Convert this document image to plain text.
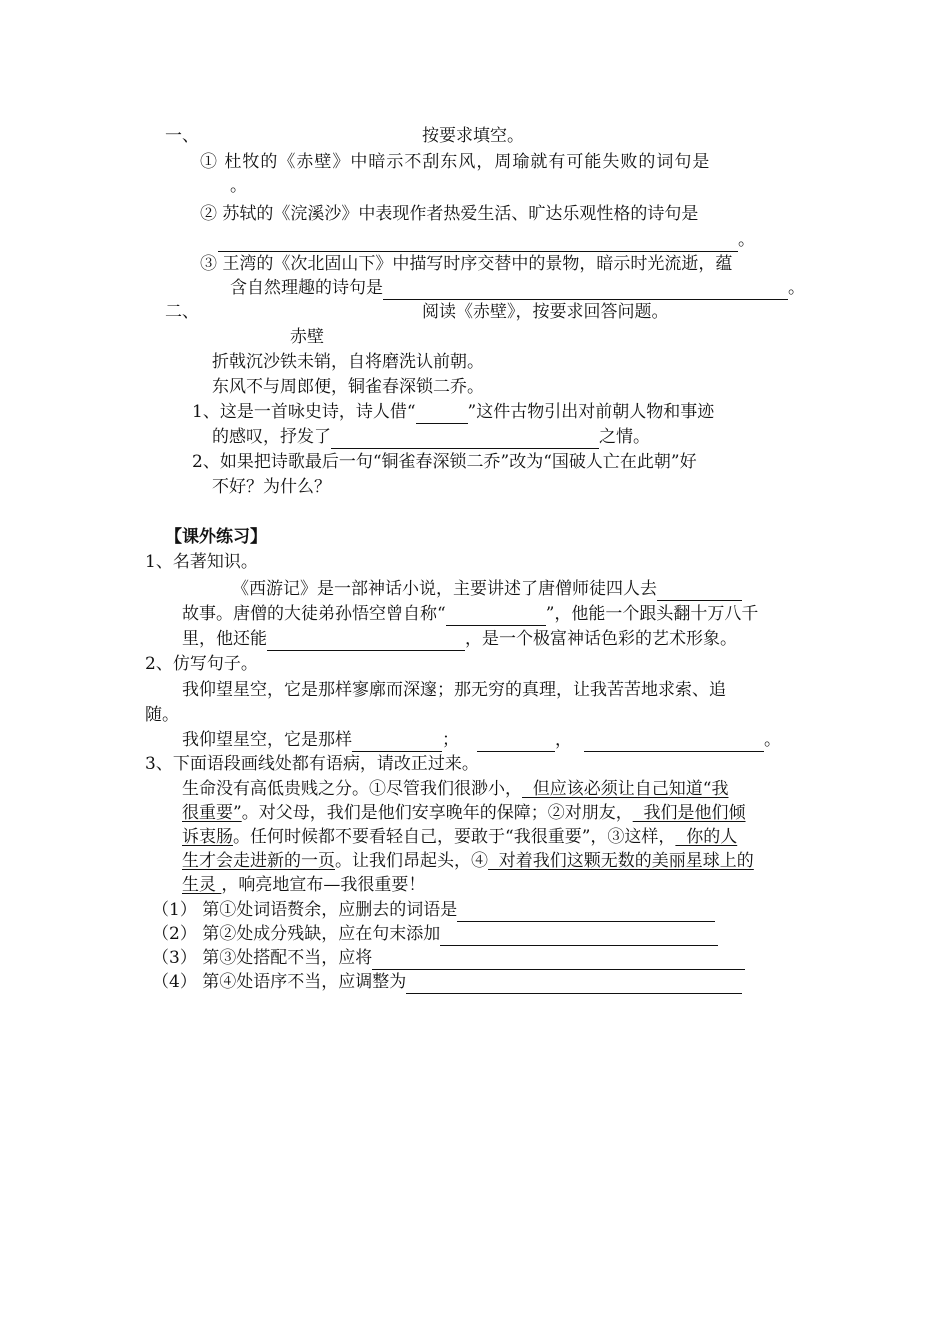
一、	按要求填空。
① 杜牧的《赤壁》中暗示不刮东风，周瑜就有可能失败的词句是
。
② 苏轼的《浣溪沙》中表现作者热爱生活、旷达乐观性格的诗句是
。
③ 王湾的《次北固山下》中描写时序交替中的景物，暗示时光流逝，蕴
含自然理趣的诗句是	。
二、	阅读《赤壁》，按要求回答问题。
赤壁
折戟沉沙铁未销，自将磨洗认前朝。
东风不与周郎便，铜雀春深锁二乔。
1、这是一首咏史诗，诗人借“	”这件古物引出对前朝人物和事迹
的感叹，抒发了	之情。
2、如果把诗歌最后一句“铜雀春深锁二乔”改为“国破人亡在此朝”好
不好？为什么？
【课外练习】
1、名著知识。
《西游记》是一部神话小说，主要讲述了唐僧师徒四人去
故事。唐僧的大徒弟孙悟空曾自称“	”，他能一个跟头翻十万八千
里，他还能	，是一个极富神话色彩的艺术形象。
2、仿写句子。
我仰望星空，它是那样寥廓而深邃；那无穷的真理，让我苦苦地求索、追
随。
我仰望星空，它是那样	；	，	。
3、下面语段画线处都有语病，请改正过来。
生命没有高低贵贱之分。①尽管我们很渺小，  但应该必须让自己知道“我
很重要”。对父母，我们是他们安享晚年的保障；②对朋友，  我们是他们倾
诉衷肠。任何时候都不要看轻自己，要敢于“我很重要”，③这样，  你的人
生才会走进新的一页。让我们昂起头，④  对着我们这颗无数的美丽星球上的
生灵 ，响亮地宣布—我很重要！
（1） 第①处词语赘余，应删去的词语是
（2） 第②处成分残缺，应在句末添加
（3） 第③处搭配不当，应将
（4） 第④处语序不当，应调整为
